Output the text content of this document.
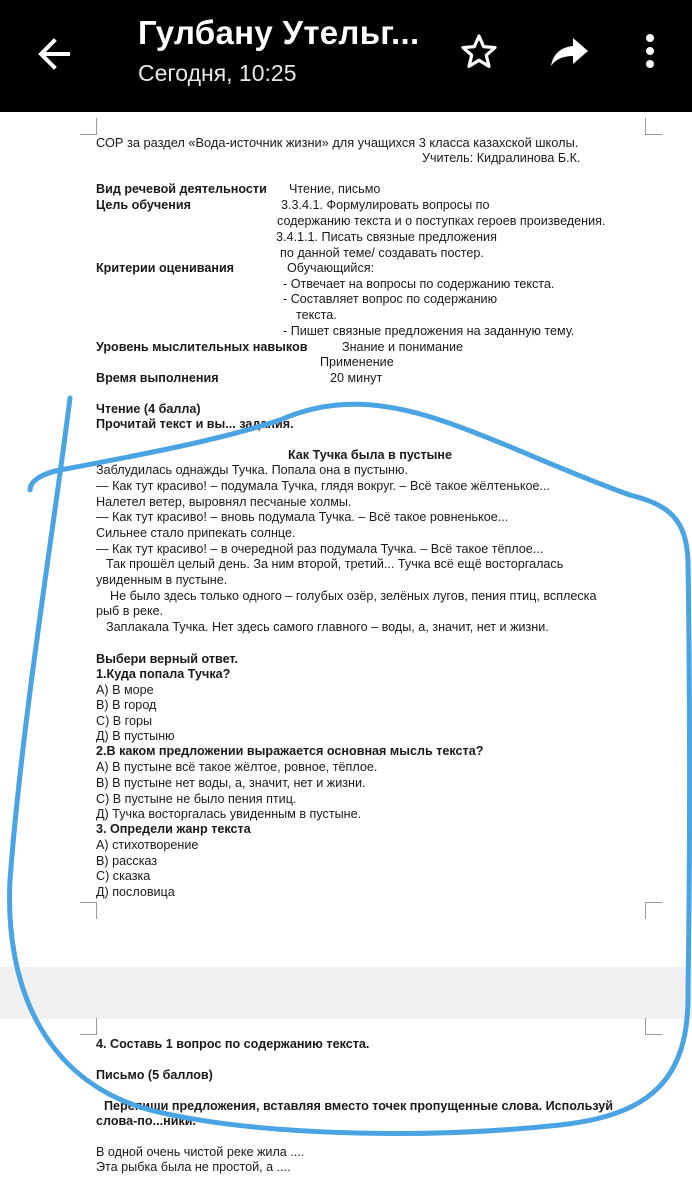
Гулбану Утельг...
Сегодня, 10:25
СОР за раздел «Вода-источник жизни» для учащихся 3 класса казахской школы.
Учитель: Кидралинова Б.К.
Вид речевой деятельности Чтение, письмо
Цель обучения	3.3.4.1. Формулировать вопросы по
содержанию текста и о поступках героев произведения.
3.4.1.1. Писать связные предложения
по данной теме/ создавать постер.
Критерии оценивания	Обучающийся:
- Отвечает на вопросы по содержанию текста.
- Составляет вопрос по содержанию
текста.
- Пишет связные предложения на заданную тему.
Уровень мыслительных навыков	Знание и понимание
Применение
Время выполнения	20 минут
Чтение (4 балла)
Прочитай текст и вы... задания.
Как Тучка была в пустыне
Заблудилась однажды Тучка. Попала она в пустыню.
— Как тут красиво! – подумала Тучка, глядя вокруг. – Всё такое жёлтенькое...
Налетел ветер, выровнял песчаные холмы.
— Как тут красиво! – вновь подумала Тучка. – Всё такое ровненькое...
Сильнее стало припекать солнце.
— Как тут красиво! – в очередной раз подумала Тучка. – Всё такое тёплое...
Так прошёл целый день. За ним второй, третий... Тучка всё ещё восторгалась
увиденным в пустыне.
Не было здесь только одного – голубых озёр, зелёных лугов, пения птиц, всплеска
рыб в реке.
Заплакала Тучка. Нет здесь самого главного – воды, а, значит, нет и жизни.
Выбери верный ответ.
1.Куда попала Тучка?
А) В море
В) В город
С) В горы
Д) В пустыню
2.В каком предложении выражается основная мысль текста?
А) В пустыне всё такое жёлтое, ровное, тёплое.
В) В пустыне нет воды, а, значит, нет и жизни.
С) В пустыне не было пения птиц.
Д) Тучка восторгалась увиденным в пустыне.
3. Определи жанр текста
А) стихотворение
В) рассказ
С) сказка
Д) пословица
4. Составь 1 вопрос по содержанию текста.
Письмо (5 баллов)
Перепиши предложения, вставляя вместо точек пропущенные слова. Используй
слова-по...ники.
В одной очень чистой реке жила ....
Эта рыбка была не простой, а ....
